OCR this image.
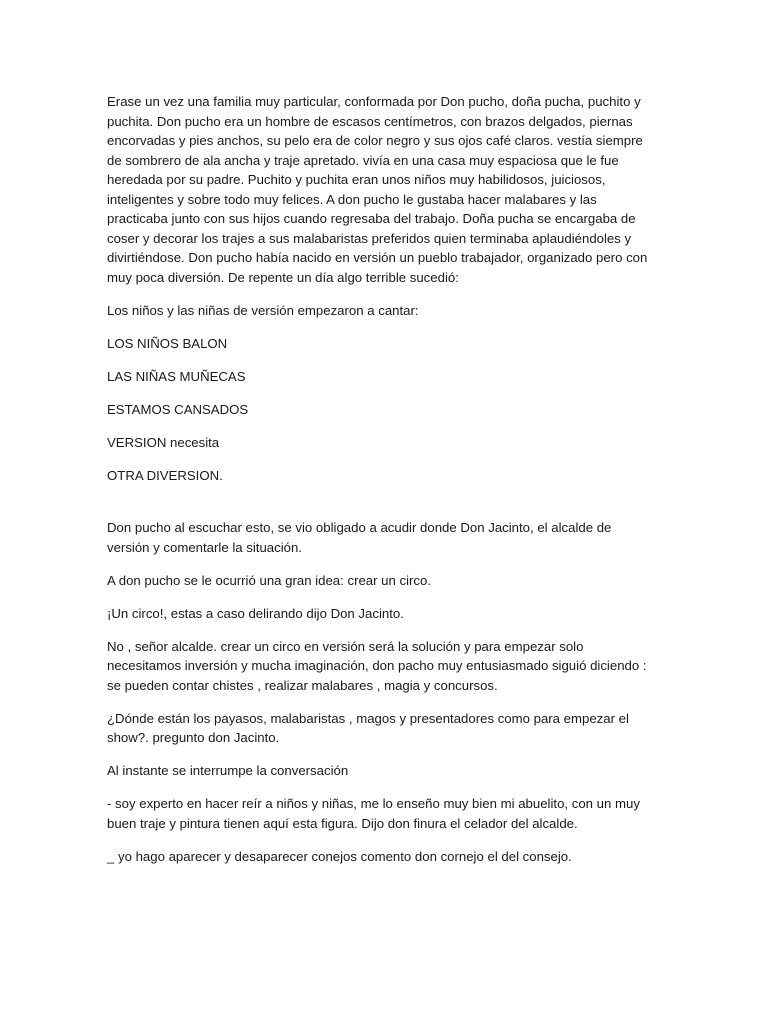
Erase un vez una familia muy particular, conformada por Don pucho, doña pucha, puchito y puchita. Don pucho era un hombre de escasos centímetros, con brazos delgados, piernas encorvadas y pies anchos, su pelo era de color negro y sus ojos café claros. vestía siempre de sombrero de ala ancha y traje apretado. vivía en una casa muy espaciosa que le fue heredada por su padre. Puchito y puchita eran unos niños muy habilidosos, juiciosos, inteligentes y sobre todo muy felices. A don pucho le gustaba hacer malabares y las practicaba junto con sus hijos cuando regresaba del trabajo. Doña pucha se encargaba de coser y decorar los trajes a sus malabaristas preferidos quien terminaba aplaudiéndoles y divirtiéndose. Don pucho había nacido en versión un pueblo trabajador, organizado pero con muy poca diversión. De repente un día algo terrible sucedió:

Los niños y las niñas de versión empezaron a cantar:

LOS NIÑOS BALON

LAS NIÑAS MUÑECAS

ESTAMOS CANSADOS

VERSION necesita

OTRA DIVERSION.

Don pucho al escuchar esto, se vio obligado a acudir donde Don Jacinto, el alcalde de versión y comentarle la situación.

A don pucho se le ocurrió una gran idea: crear un circo.

¡Un circo!, estas a caso delirando dijo Don Jacinto.

No , señor alcalde. crear un circo en versión será la solución y para empezar solo necesitamos inversión y mucha imaginación, don pacho muy entusiasmado siguió diciendo : se pueden contar chistes , realizar malabares , magia y concursos.

¿Dónde están los payasos, malabaristas , magos y presentadores como para empezar el show?. pregunto don Jacinto.

Al instante se interrumpe la conversación

- soy experto en hacer reír a niños y niñas, me lo enseño muy bien mi abuelito, con un muy buen traje y pintura tienen aquí esta figura. Dijo don finura el celador del alcalde.

_ yo hago aparecer y desaparecer conejos comento don cornejo el del consejo.
